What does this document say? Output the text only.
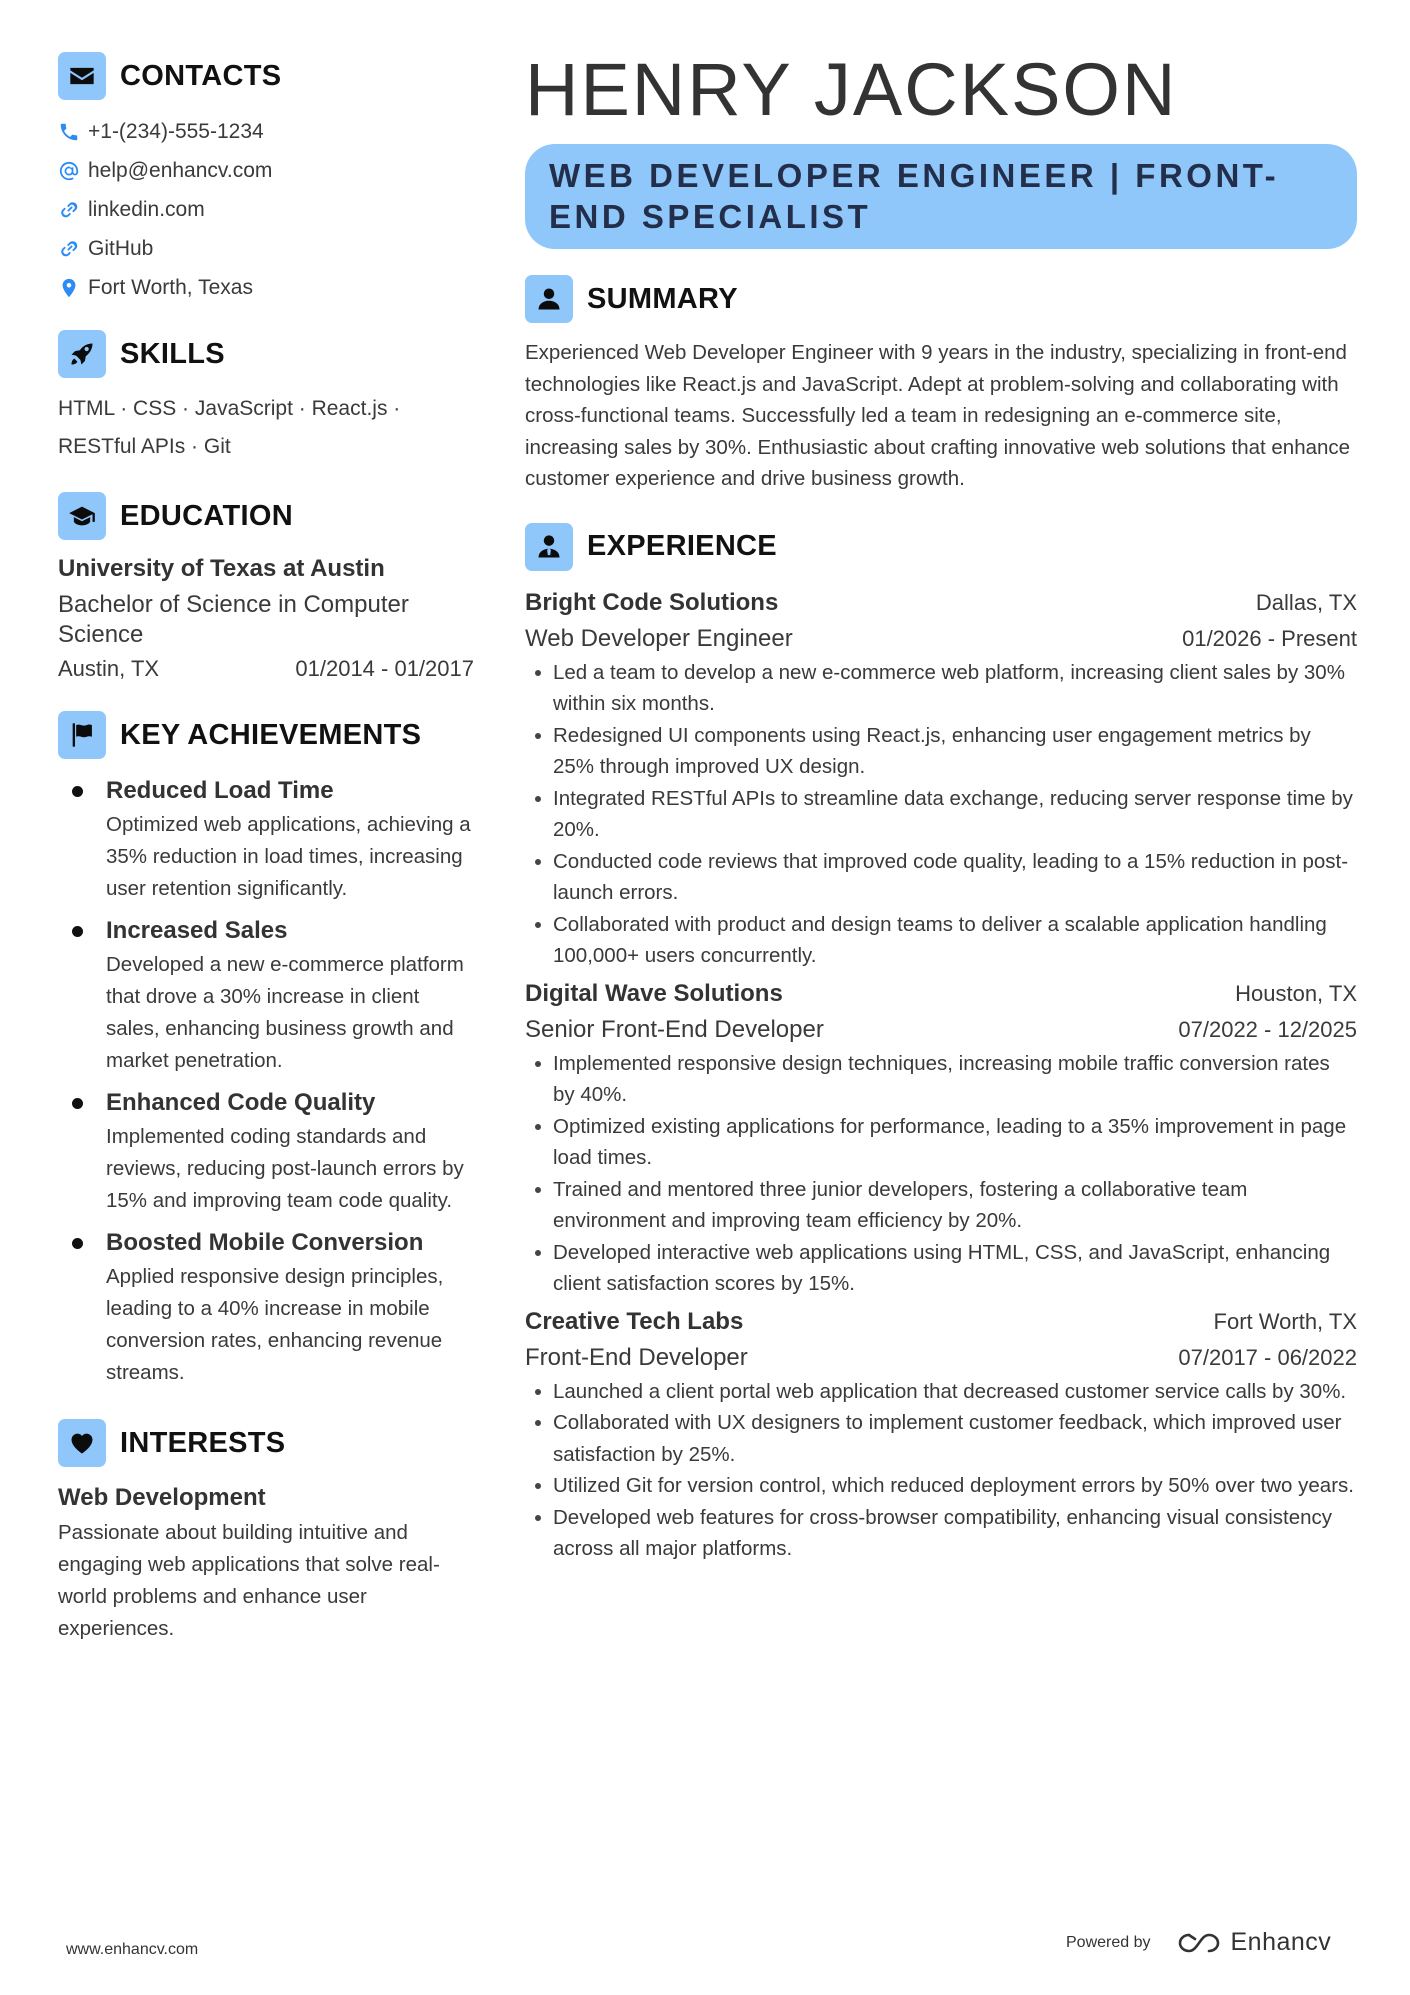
CONTACTS
+1-(234)-555-1234
help@enhancv.com
linkedin.com
GitHub
Fort Worth, Texas
SKILLS
HTML · CSS · JavaScript · React.js ·
RESTful APIs · Git
EDUCATION
University of Texas at Austin
Bachelor of Science in Computer Science
Austin, TX	01/2014 - 01/2017
KEY ACHIEVEMENTS
Reduced Load Time
Optimized web applications, achieving a 35% reduction in load times, increasing user retention significantly.
Increased Sales
Developed a new e-commerce platform that drove a 30% increase in client sales, enhancing business growth and market penetration.
Enhanced Code Quality
Implemented coding standards and reviews, reducing post-launch errors by 15% and improving team code quality.
Boosted Mobile Conversion
Applied responsive design principles, leading to a 40% increase in mobile conversion rates, enhancing revenue streams.
INTERESTS
Web Development
Passionate about building intuitive and engaging web applications that solve real-world problems and enhance user experiences.
HENRY JACKSON
WEB DEVELOPER ENGINEER | FRONT-END SPECIALIST
SUMMARY
Experienced Web Developer Engineer with 9 years in the industry, specializing in front-end technologies like React.js and JavaScript. Adept at problem-solving and collaborating with cross-functional teams. Successfully led a team in redesigning an e-commerce site, increasing sales by 30%. Enthusiastic about crafting innovative web solutions that enhance customer experience and drive business growth.
EXPERIENCE
Bright Code Solutions	Dallas, TX
Web Developer Engineer	01/2026 - Present
Led a team to develop a new e-commerce web platform, increasing client sales by 30% within six months.
Redesigned UI components using React.js, enhancing user engagement metrics by 25% through improved UX design.
Integrated RESTful APIs to streamline data exchange, reducing server response time by 20%.
Conducted code reviews that improved code quality, leading to a 15% reduction in post-launch errors.
Collaborated with product and design teams to deliver a scalable application handling 100,000+ users concurrently.
Digital Wave Solutions	Houston, TX
Senior Front-End Developer	07/2022 - 12/2025
Implemented responsive design techniques, increasing mobile traffic conversion rates by 40%.
Optimized existing applications for performance, leading to a 35% improvement in page load times.
Trained and mentored three junior developers, fostering a collaborative team environment and improving team efficiency by 20%.
Developed interactive web applications using HTML, CSS, and JavaScript, enhancing client satisfaction scores by 15%.
Creative Tech Labs	Fort Worth, TX
Front-End Developer	07/2017 - 06/2022
Launched a client portal web application that decreased customer service calls by 30%.
Collaborated with UX designers to implement customer feedback, which improved user satisfaction by 25%.
Utilized Git for version control, which reduced deployment errors by 50% over two years.
Developed web features for cross-browser compatibility, enhancing visual consistency across all major platforms.
www.enhancv.com	Powered by	Enhancv
